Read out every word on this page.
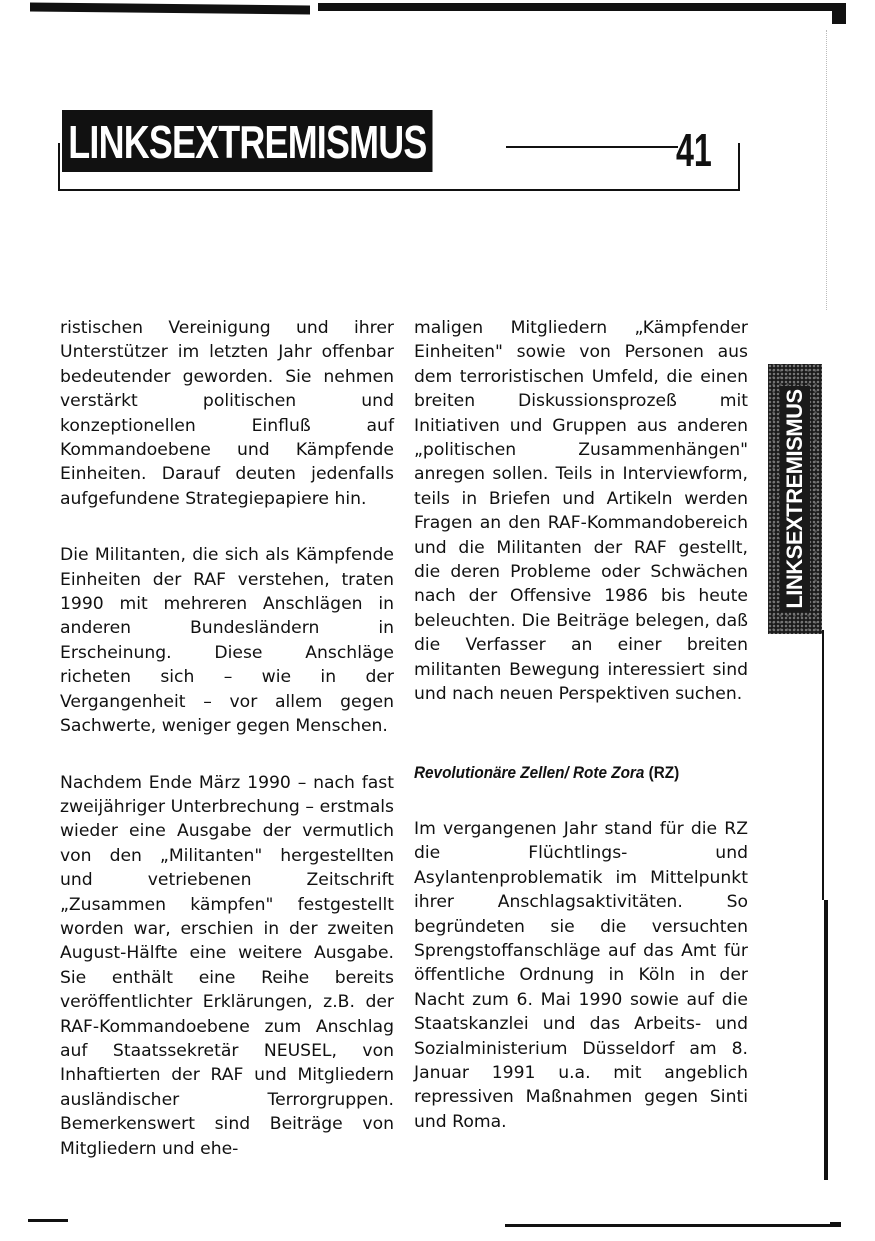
LINKSEXTREMISMUS	41

ristischen Vereinigung und ihrer Unterstützer im letzten Jahr offenbar bedeutender geworden. Sie nehmen verstärkt politischen und konzeptionellen Einfluß auf Kommandoebene und Kämpfende Einheiten. Darauf deuten jedenfalls aufgefundene Strategiepapiere hin.

Die Militanten, die sich als Kämpfende Einheiten der RAF verstehen, traten 1990 mit mehreren Anschlägen in anderen Bundesländern in Erscheinung. Diese Anschläge richeten sich – wie in der Vergangenheit – vor allem gegen Sachwerte, weniger gegen Menschen.

Nachdem Ende März 1990 – nach fast zweijähriger Unterbrechung – erstmals wieder eine Ausgabe der vermutlich von den „Militanten" hergestellten und vetriebenen Zeitschrift „Zusammen kämpfen" festgestellt worden war, erschien in der zweiten August-Hälfte eine weitere Ausgabe. Sie enthält eine Reihe bereits veröffentlichter Erklärungen, z.B. der RAF-Kommandoebene zum Anschlag auf Staatssekretär NEUSEL, von Inhaftierten der RAF und Mitgliedern ausländischer Terrorgruppen. Bemerkenswert sind Beiträge von Mitgliedern und ehe-

maligen Mitgliedern „Kämpfender Einheiten" sowie von Personen aus dem terroristischen Umfeld, die einen breiten Diskussionsprozeß mit Initiativen und Gruppen aus anderen „politischen Zusammenhängen" anregen sollen. Teils in Interviewform, teils in Briefen und Artikeln werden Fragen an den RAF-Kommandobereich und die Militanten der RAF gestellt, die deren Probleme oder Schwächen nach der Offensive 1986 bis heute beleuchten. Die Beiträge belegen, daß die Verfasser an einer breiten militanten Bewegung interessiert sind und nach neuen Perspektiven suchen.

Revolutionäre Zellen/ Rote Zora (RZ)

Im vergangenen Jahr stand für die RZ die Flüchtlings- und Asylantenproblematik im Mittelpunkt ihrer Anschlagsaktivitäten. So begründeten sie die versuchten Sprengstoffanschläge auf das Amt für öffentliche Ordnung in Köln in der Nacht zum 6. Mai 1990 sowie auf die Staatskanzlei und das Arbeits- und Sozialministerium Düsseldorf am 8. Januar 1991 u.a. mit angeblich repressiven Maßnahmen gegen Sinti und Roma.

LINKSEXTREMISMUS
